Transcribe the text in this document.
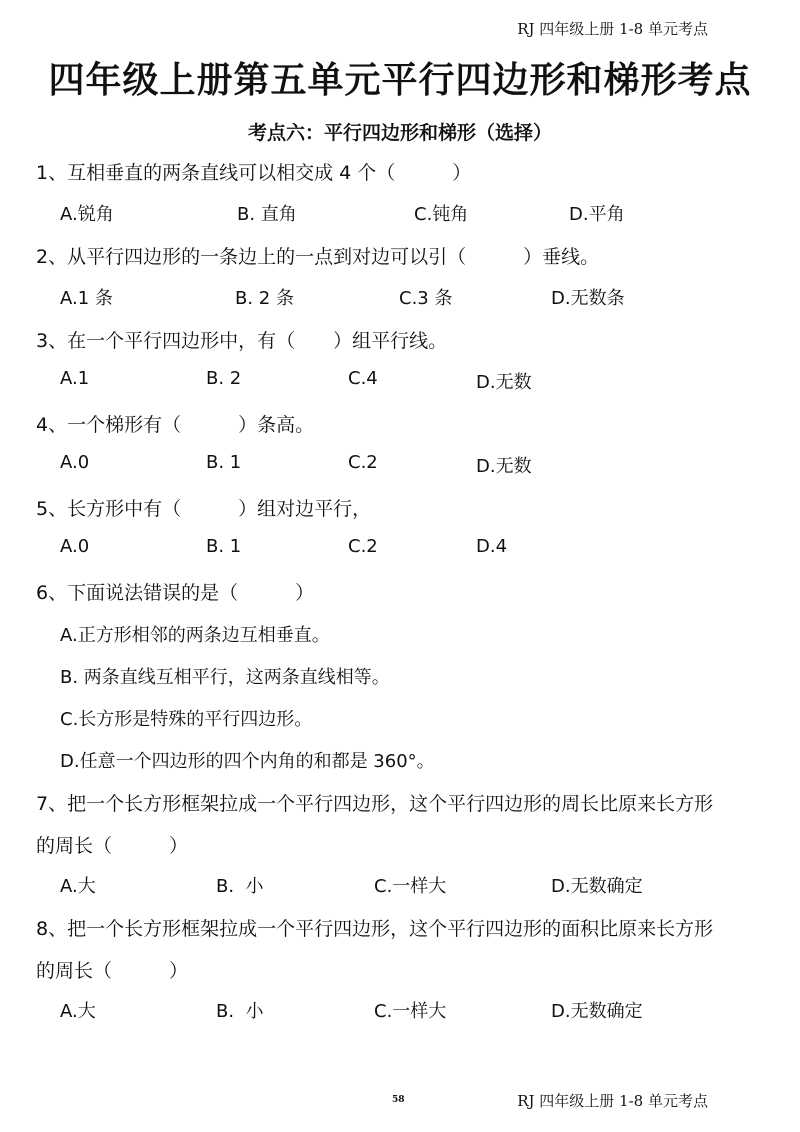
RJ 四年级上册 1-8 单元考点
四年级上册第五单元平行四边形和梯形考点
考点六：平行四边形和梯形（选择）
1、互相垂直的两条直线可以相交成 4 个（　　　）
A.锐角	B. 直角	C.钝角	D.平角
2、从平行四边形的一条边上的一点到对边可以引（　　　）垂线。
A.1 条	B. 2 条	C.3 条	D.无数条
3、在一个平行四边形中，有（　　）组平行线。
A.1	B. 2	C.4	D.无数
4、一个梯形有（　　　）条高。
A.0	B. 1	C.2	D.无数
5、长方形中有（　　　）组对边平行，
A.0	B. 1	C.2	D.4
6、下面说法错误的是（　　　）
A.正方形相邻的两条边互相垂直。
B. 两条直线互相平行，这两条直线相等。
C.长方形是特殊的平行四边形。
D.任意一个四边形的四个内角的和都是 360°。
7、把一个长方形框架拉成一个平行四边形，这个平行四边形的周长比原来长方形
的周长（　　　）
A.大	B.  小	C.一样大	D.无数确定
8、把一个长方形框架拉成一个平行四边形，这个平行四边形的面积比原来长方形
的周长（　　　）
A.大	B.  小	C.一样大	D.无数确定
58	RJ 四年级上册 1-8 单元考点
